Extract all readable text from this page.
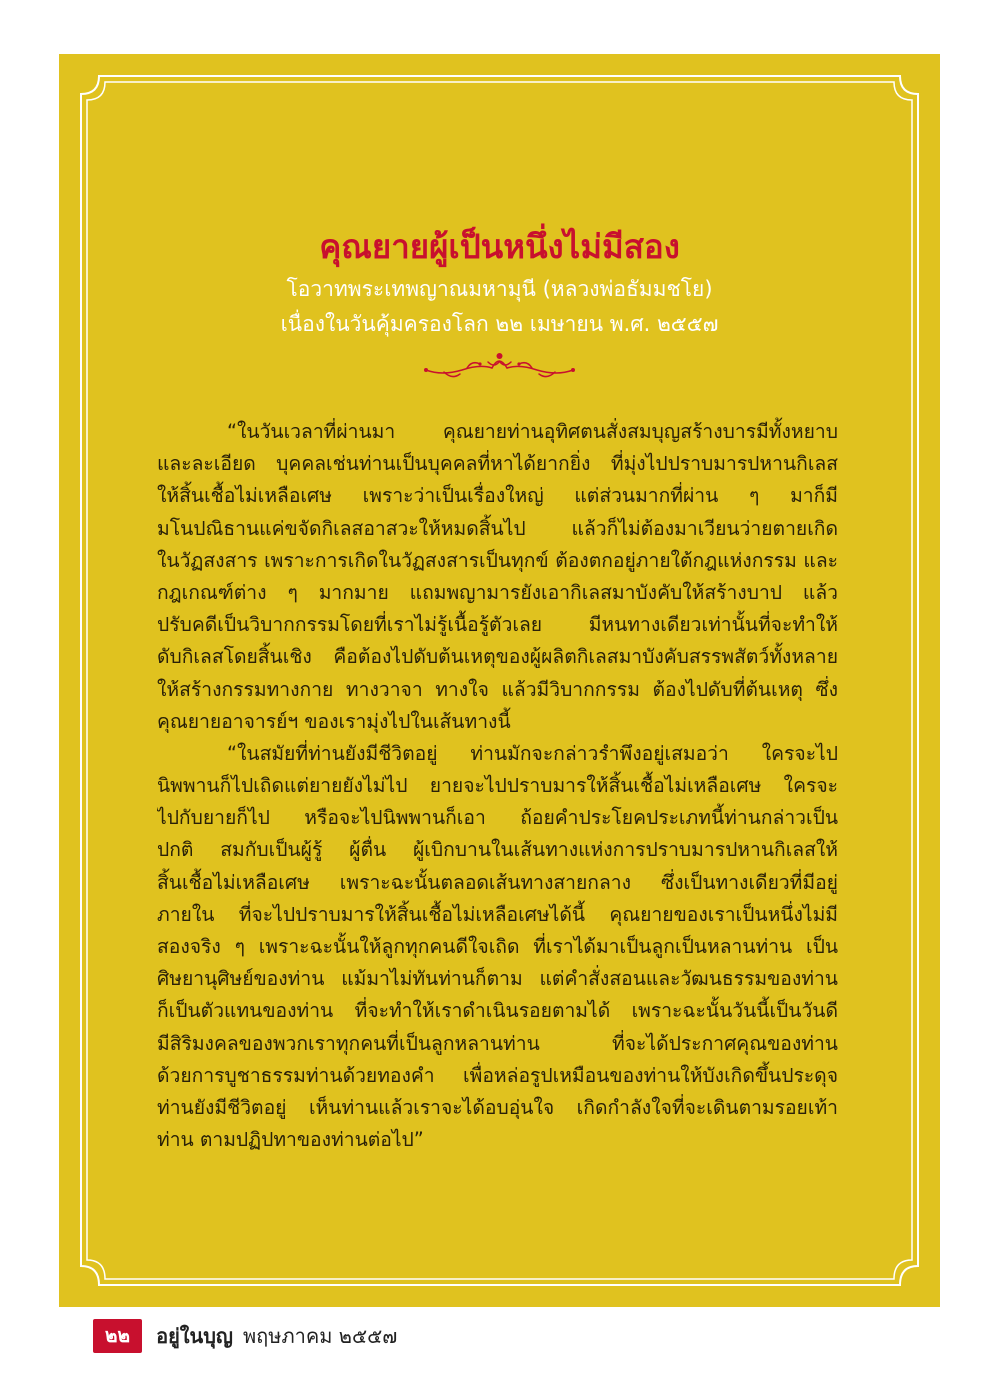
คุณยายผู้เป็นหนึ่งไม่มีสอง
โอวาทพระเทพญาณมหามุนี (หลวงพ่อธัมมชโย)
เนื่องในวันคุ้มครองโลก ๒๒ เมษายน พ.ศ. ๒๕๕๗
“ในวันเวลาที่ผ่านมา คุณยายท่านอุทิศตนสั่งสมบุญสร้างบารมีทั้งหยาบ
และละเอียด บุคคลเช่นท่านเป็นบุคคลที่หาได้ยากยิ่ง ที่มุ่งไปปราบมารปหานกิเลส
ให้สิ้นเชื้อไม่เหลือเศษ เพราะว่าเป็นเรื่องใหญ่ แต่ส่วนมากที่ผ่าน ๆ มาก็มี
มโนปณิธานแค่ขจัดกิเลสอาสวะให้หมดสิ้นไป แล้วก็ไม่ต้องมาเวียนว่ายตายเกิด
ในวัฏสงสาร เพราะการเกิดในวัฏสงสารเป็นทุกข์ ต้องตกอยู่ภายใต้กฎแห่งกรรม และ
กฎเกณฑ์ต่าง ๆ มากมาย แถมพญามารยังเอากิเลสมาบังคับให้สร้างบาป แล้ว
ปรับคดีเป็นวิบากกรรมโดยที่เราไม่รู้เนื้อรู้ตัวเลย มีหนทางเดียวเท่านั้นที่จะทำให้
ดับกิเลสโดยสิ้นเชิง คือต้องไปดับต้นเหตุของผู้ผลิตกิเลสมาบังคับสรรพสัตว์ทั้งหลาย
ให้สร้างกรรมทางกาย ทางวาจา ทางใจ แล้วมีวิบากกรรม ต้องไปดับที่ต้นเหตุ ซึ่ง
คุณยายอาจารย์ฯ ของเรามุ่งไปในเส้นทางนี้
“ในสมัยที่ท่านยังมีชีวิตอยู่ ท่านมักจะกล่าวรำพึงอยู่เสมอว่า ใครจะไป
นิพพานก็ไปเถิดแต่ยายยังไม่ไป ยายจะไปปราบมารให้สิ้นเชื้อไม่เหลือเศษ ใครจะ
ไปกับยายก็ไป หรือจะไปนิพพานก็เอา ถ้อยคำประโยคประเภทนี้ท่านกล่าวเป็น
ปกติ สมกับเป็นผู้รู้ ผู้ตื่น ผู้เบิกบานในเส้นทางแห่งการปราบมารปหานกิเลสให้
สิ้นเชื้อไม่เหลือเศษ เพราะฉะนั้นตลอดเส้นทางสายกลาง ซึ่งเป็นทางเดียวที่มีอยู่
ภายใน ที่จะไปปราบมารให้สิ้นเชื้อไม่เหลือเศษได้นี้ คุณยายของเราเป็นหนึ่งไม่มี
สองจริง ๆ เพราะฉะนั้นให้ลูกทุกคนดีใจเถิด ที่เราได้มาเป็นลูกเป็นหลานท่าน เป็น
ศิษยานุศิษย์ของท่าน แม้มาไม่ทันท่านก็ตาม แต่คำสั่งสอนและวัฒนธรรมของท่าน
ก็เป็นตัวแทนของท่าน ที่จะทำให้เราดำเนินรอยตามได้ เพราะฉะนั้นวันนี้เป็นวันดี
มีสิริมงคลของพวกเราทุกคนที่เป็นลูกหลานท่าน ที่จะได้ประกาศคุณของท่าน
ด้วยการบูชาธรรมท่านด้วยทองคำ เพื่อหล่อรูปเหมือนของท่านให้บังเกิดขึ้นประดุจ
ท่านยังมีชีวิตอยู่ เห็นท่านแล้วเราจะได้อบอุ่นใจ เกิดกำลังใจที่จะเดินตามรอยเท้า
ท่าน ตามปฏิปทาของท่านต่อไป”
๒๒	อยู่ในบุญ พฤษภาคม ๒๕๕๗
